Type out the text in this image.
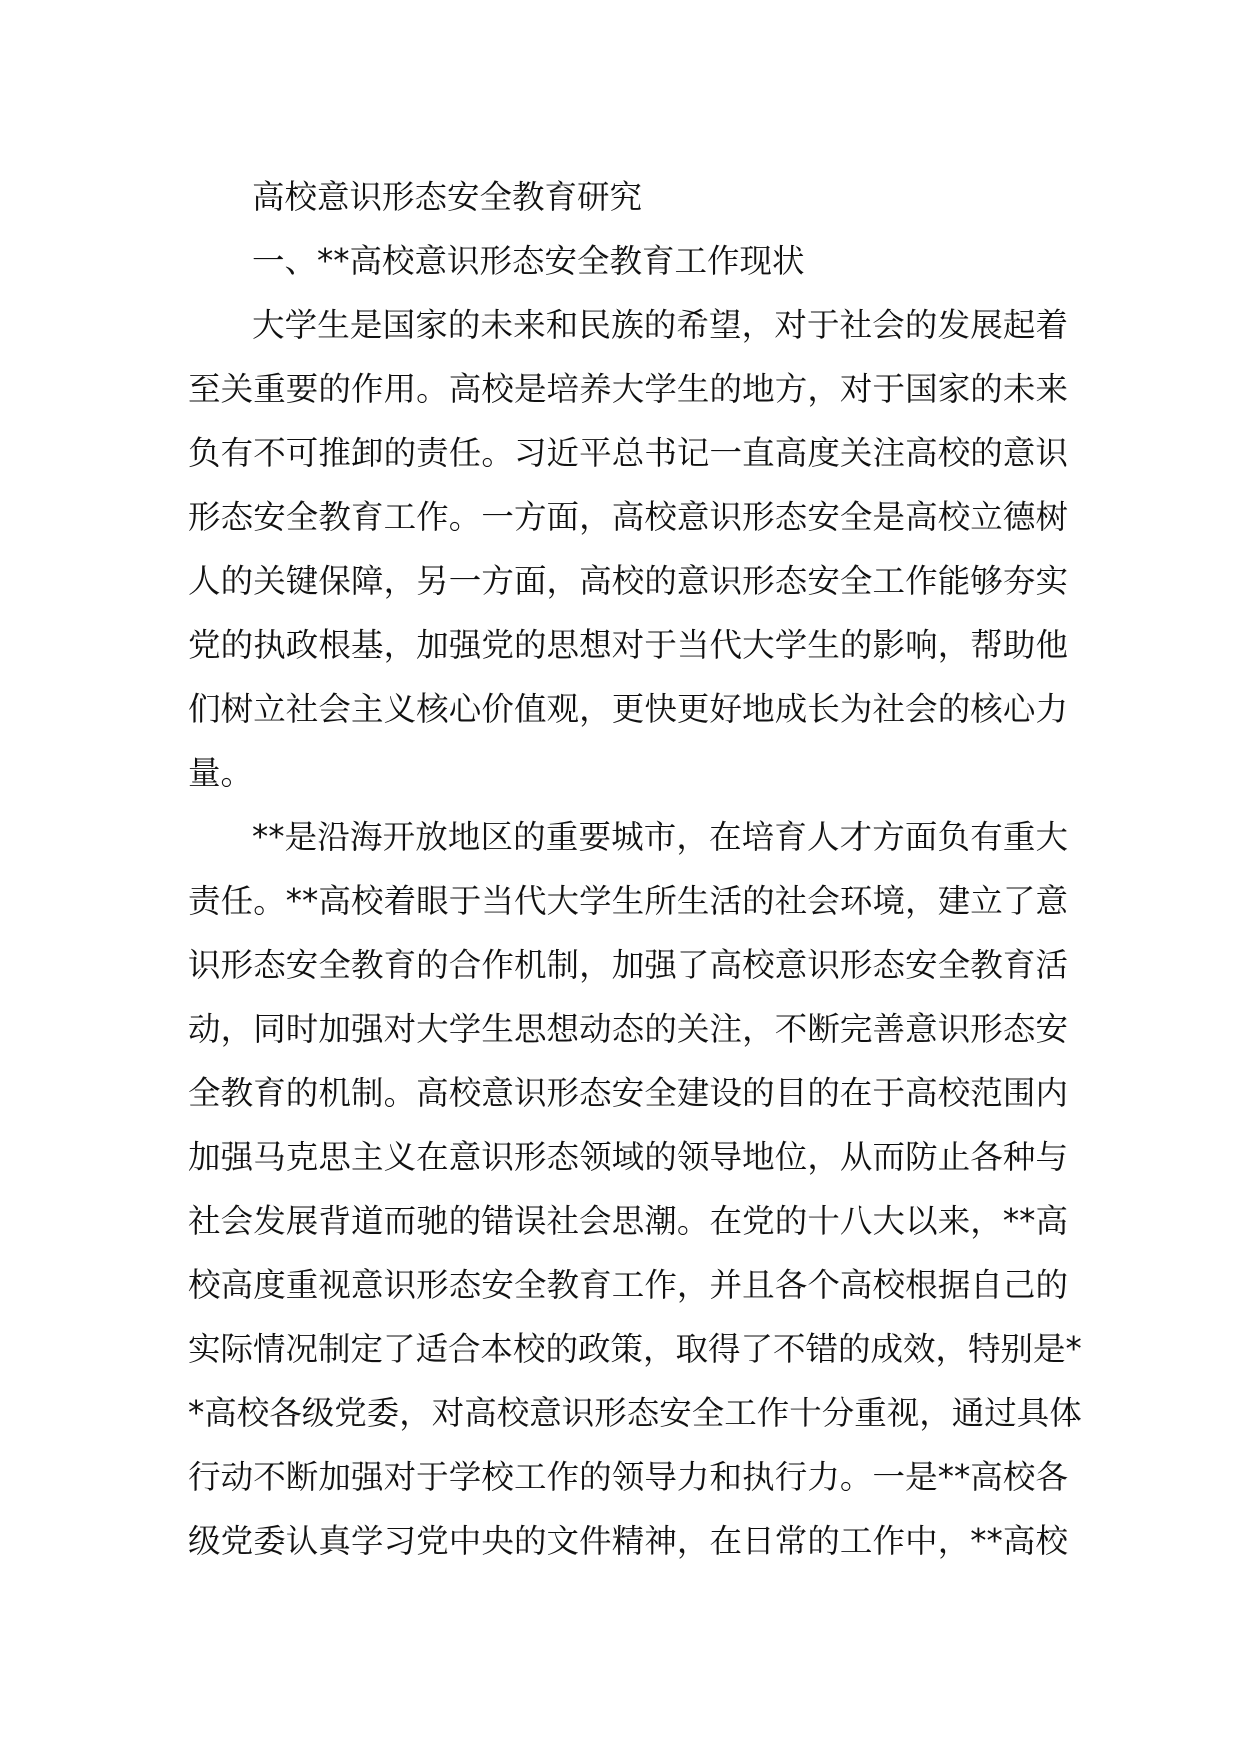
高校意识形态安全教育研究
一、**高校意识形态安全教育工作现状
大学生是国家的未来和民族的希望，对于社会的发展起着
至关重要的作用。高校是培养大学生的地方，对于国家的未来
负有不可推卸的责任。习近平总书记一直高度关注高校的意识
形态安全教育工作。一方面，高校意识形态安全是高校立德树
人的关键保障，另一方面，高校的意识形态安全工作能够夯实
党的执政根基，加强党的思想对于当代大学生的影响，帮助他
们树立社会主义核心价值观，更快更好地成长为社会的核心力
量。
**是沿海开放地区的重要城市，在培育人才方面负有重大
责任。**高校着眼于当代大学生所生活的社会环境，建立了意
识形态安全教育的合作机制，加强了高校意识形态安全教育活
动，同时加强对大学生思想动态的关注，不断完善意识形态安
全教育的机制。高校意识形态安全建设的目的在于高校范围内
加强马克思主义在意识形态领域的领导地位，从而防止各种与
社会发展背道而驰的错误社会思潮。在党的十八大以来，**高
校高度重视意识形态安全教育工作，并且各个高校根据自己的
实际情况制定了适合本校的政策，取得了不错的成效，特别是*
*高校各级党委，对高校意识形态安全工作十分重视，通过具体
行动不断加强对于学校工作的领导力和执行力。一是**高校各
级党委认真学习党中央的文件精神，在日常的工作中，**高校
